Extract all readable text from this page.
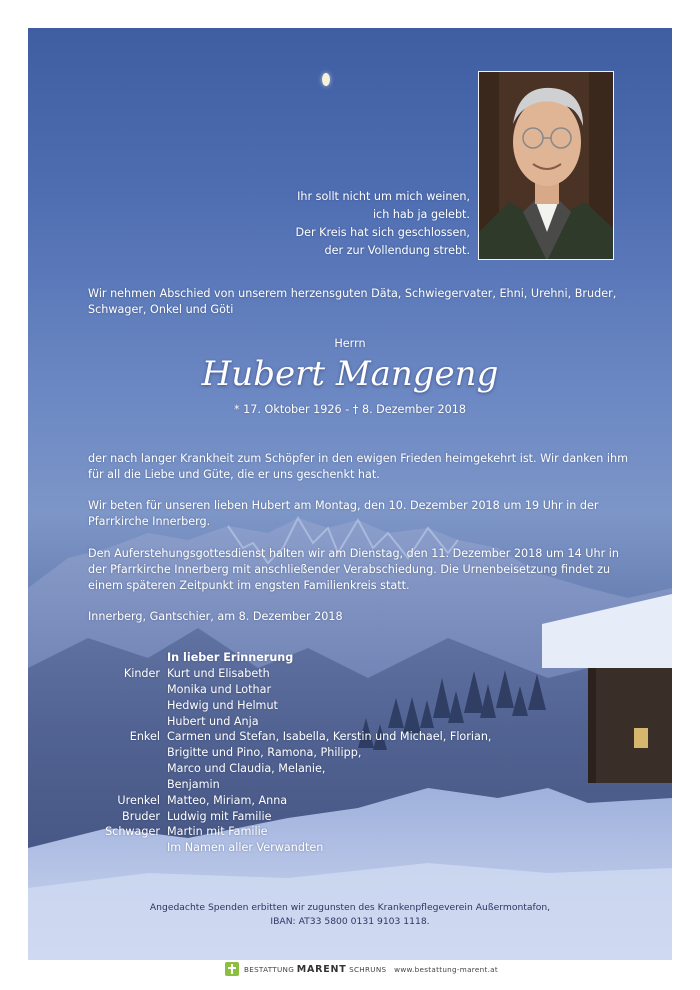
Ihr sollt nicht um mich weinen,
ich hab ja gelebt.
Der Kreis hat sich geschlossen,
der zur Vollendung strebt.
Wir nehmen Abschied von unserem herzensguten Däta, Schwiegervater, Ehni, Urehni, Bruder, Schwager, Onkel und Göti
Herrn
Hubert Mangeng
* 17. Oktober 1926 - † 8. Dezember 2018
der nach langer Krankheit zum Schöpfer in den ewigen Frieden heimgekehrt ist. Wir danken ihm für all die Liebe und Güte, die er uns geschenkt hat.
Wir beten für unseren lieben Hubert am Montag, den 10. Dezember 2018 um 19 Uhr in der Pfarrkirche Innerberg.
Den Auferstehungsgottesdienst halten wir am Dienstag, den 11. Dezember 2018 um 14 Uhr in der Pfarrkirche Innerberg mit anschließender Verabschiedung. Die Urnenbeisetzung findet zu einem späteren Zeitpunkt im engsten Familienkreis statt.
Innerberg, Gantschier, am 8. Dezember 2018
In lieber Erinnerung
Kinder Kurt und Elisabeth
Monika und Lothar
Hedwig und Helmut
Hubert und Anja
Enkel Carmen und Stefan, Isabella, Kerstin und Michael, Florian,
Brigitte und Pino, Ramona, Philipp,
Marco und Claudia, Melanie,
Benjamin
Urenkel Matteo, Miriam, Anna
Bruder Ludwig mit Familie
Schwager Martin mit Familie
Im Namen aller Verwandten
Angedachte Spenden erbitten wir zugunsten des Krankenpflegeverein Außermontafon,
IBAN: AT33 5800 0131 9103 1118.
BESTATTUNG MARENT SCHRUNS www.bestattung-marent.at
